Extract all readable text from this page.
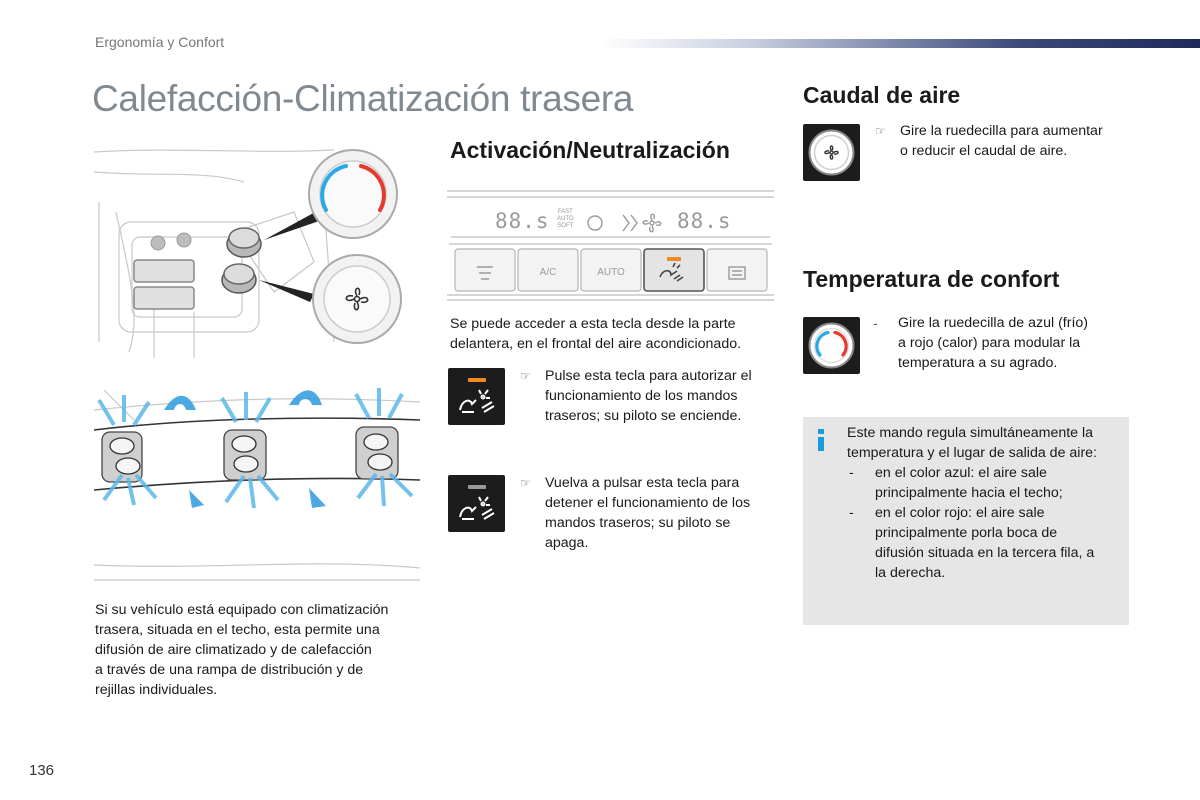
Ergonomía y Confort
Calefacción-Climatización trasera
Si su vehículo está equipado con climatización
trasera, situada en el techo, esta permite una
difusión de aire climatizado y de calefacción
a través de una rampa de distribución y de
rejillas individuales.
Activación/Neutralización
88.s FAST
AUTO
SOFT	88.s
A/C	AUTO
Se puede acceder a esta tecla desde la parte
delantera, en el frontal del aire acondicionado.
☞	Pulse esta tecla para autorizar el
funcionamiento de los mandos
traseros; su piloto se enciende.
☞	Vuelva a pulsar esta tecla para
detener el funcionamiento de los
mandos traseros; su piloto se
apaga.
Caudal de aire
☞	Gire la ruedecilla para aumentar
o reducir el caudal de aire.
Temperatura de confort
-	Gire la ruedecilla de azul (frío)
a rojo (calor) para modular la
temperatura a su agrado.
Este mando regula simultáneamente la
temperatura y el lugar de salida de aire:
-	en el color azul: el aire sale
principalmente hacia el techo;
-	en el color rojo: el aire sale
principalmente porla boca de
difusión situada en la tercera fila, a
la derecha.
136
